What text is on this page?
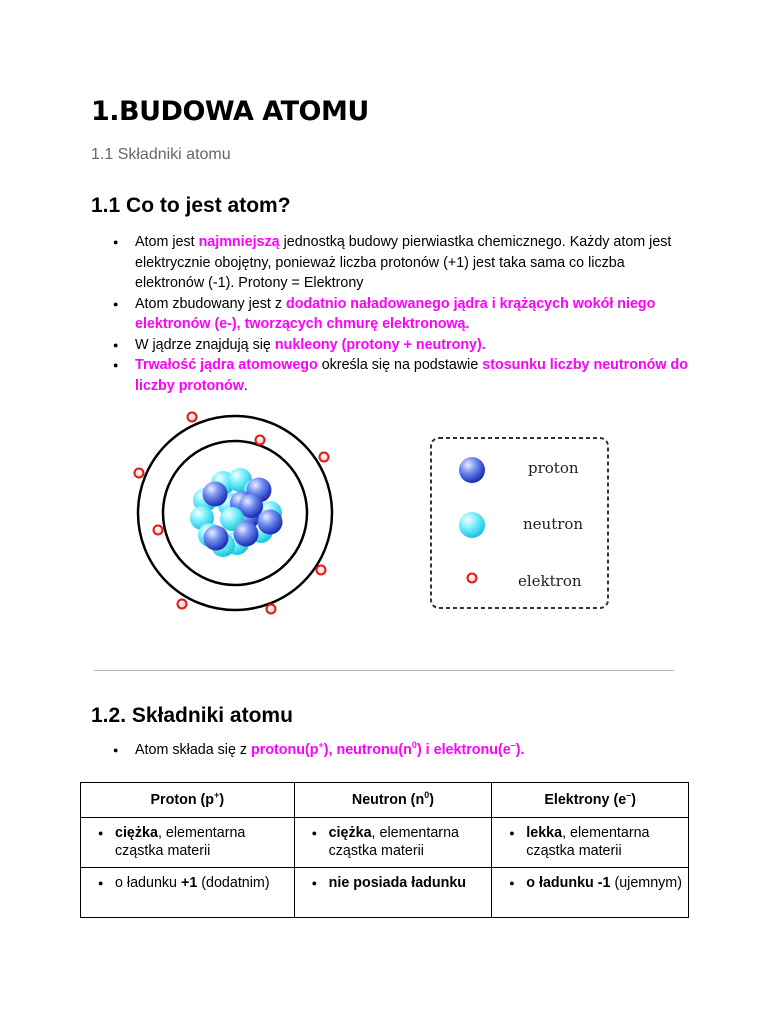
1.BUDOWA ATOMU

1.1 Składniki atomu

1.1 Co to jest atom?
● Atom jest najmniejszą jednostką budowy pierwiastka chemicznego. Każdy atom jest elektrycznie obojętny, ponieważ liczba protonów (+1) jest taka sama co liczba elektronów (-1). Protony = Elektrony
● Atom zbudowany jest z dodatnio naładowanego jądra i krążących wokół niego elektronów (e-), tworzących chmurę elektronową.
● W jądrze znajdują się nukleony (protony + neutrony).
● Trwałość jądra atomowego określa się na podstawie stosunku liczby neutronów do liczby protonów.
proton
neutron
elektron
1.2. Składniki atomu
● Atom składa się z protonu(p+), $neutronu(n^0)$ i elektronu(e–).
Proton (p+)	Neutron $(n^0)$	Elektrony (e–)

● ciężka, elementarna cząstka materii	● ciężka, elementarna cząstka materii	● lekka, elementarna cząstka materii

● o ładunku +1 (dodatnim)	● nie posiada ładunku	● o ładunku -1 (ujemnym)
